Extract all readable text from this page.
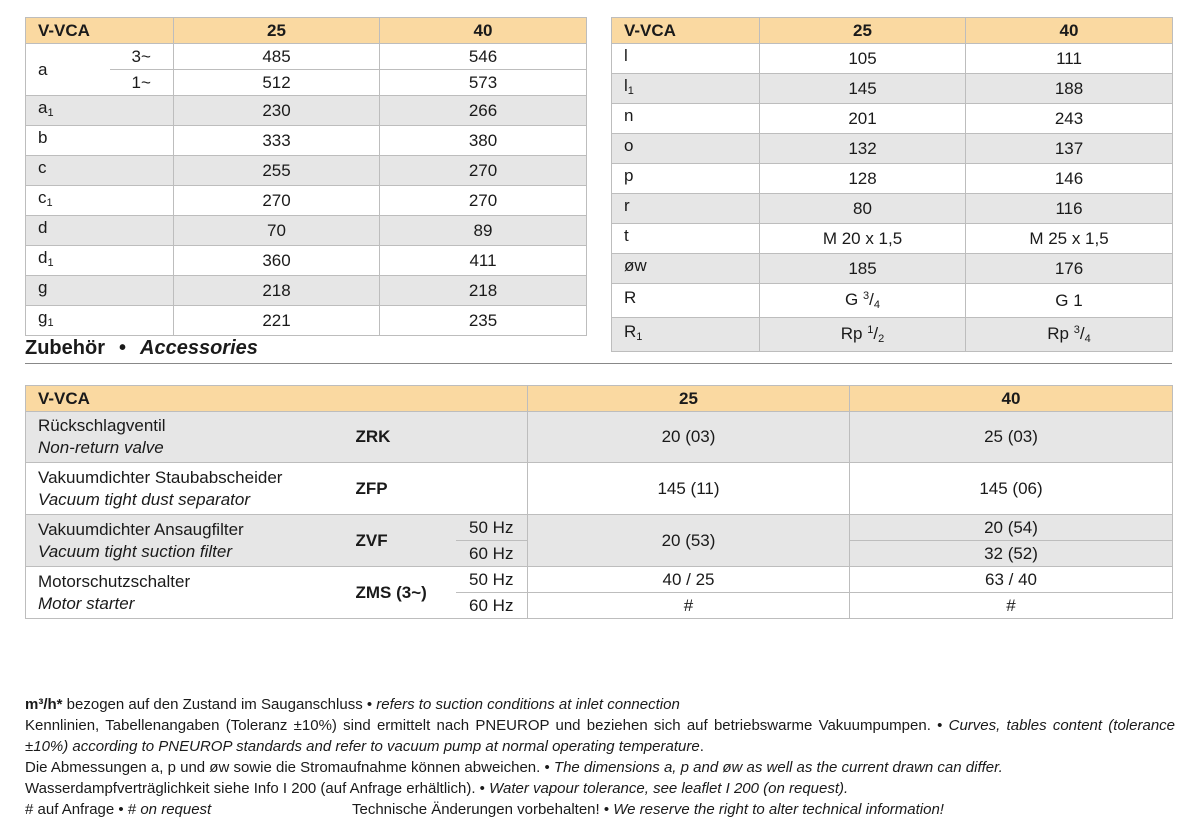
V-VCA		25	40
a	3~	485	546
	1~	512	573
$a_1$		230	266
b		333	380
c		255	270
$c_1$		270	270
d		70	89
$d_1$		360	411
g		218	218
$g_1$		221	235
V-VCA	25	40
l	105	111
$l_1$	145	188
n	201	243
o	132	137
p	128	146
r	80	116
t	M 20 x 1,5	M 25 x 1,5
øw	185	176
R	G $^3/_4$	G 1
$R_1$	Rp $^1/_2$	Rp $^3/_4$
Zubehör • Accessories
V-VCA			25	40
Rückschlagventil
Non-return valve	ZRK		20 (03)	25 (03)
Vakuumdichter Staubabscheider
Vacuum tight dust separator	ZFP		145 (11)	145 (06)
Vakuumdichter Ansaugfilter
Vacuum tight suction filter	ZVF	50 Hz	20 (53)	20 (54)
		60 Hz		32 (52)
Motorschutzschalter
Motor starter	ZMS (3~)	50 Hz	40 / 25	63 / 40
		60 Hz	#	#

m³/h* bezogen auf den Zustand im Sauganschluss • refers to suction conditions at inlet connection

Kennlinien, Tabellenangaben (Toleranz ±10%) sind ermittelt nach PNEUROP und beziehen sich auf betriebswarme Vakuumpumpen. • Curves, tables content (tolerance ±10%) according to PNEUROP standards and refer to vacuum pump at normal operating temperature.

Die Abmessungen a, p und øw sowie die Stromaufnahme können abweichen. • The dimensions a, p and øw as well as the current drawn can differ.

Wasserdampfverträglichkeit siehe Info I 200 (auf Anfrage erhältlich). • Water vapour tolerance, see leaflet I 200 (on request).

# auf Anfrage • # on request	Technische Änderungen vorbehalten! • We reserve the right to alter technical information!
